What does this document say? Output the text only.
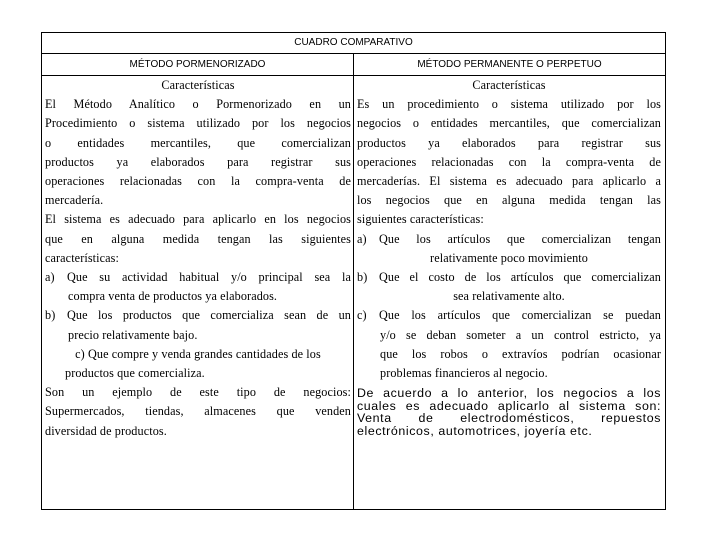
CUADRO COMPARATIVO
MÉTODO PORMENORIZADO	MÉTODO PERMANENTE O PERPETUO
Características
El Método Analítico o Pormenorizado en un
Procedimiento o sistema utilizado por los negocios
o entidades mercantiles, que comercializan
productos ya elaborados para registrar sus
operaciones relacionadas con la compra-venta de
mercadería.
El sistema es adecuado para aplicarlo en los negocios
que en alguna medida tengan las siguientes
características:
a)	Que su actividad habitual y/o principal sea la
compra venta de productos ya elaborados.
b) Que los productos que comercializa sean de un
precio relativamente bajo.
c) Que compre y venda grandes cantidades de los
productos que comercializa.
Son un ejemplo de este tipo de negocios:
Supermercados, tiendas, almacenes que venden
diversidad de productos.
Características
Es un procedimiento o sistema utilizado por los
negocios o entidades mercantiles, que comercializan
productos ya elaborados para registrar sus
operaciones relacionadas con la compra-venta de
mercaderías. El sistema es adecuado para aplicarlo a
los negocios que en alguna medida tengan las
siguientes características:
a)	Que los artículos que comercializan tengan
relativamente poco movimiento
b) Que el costo de los artículos que comercializan
sea relativamente alto.
c)	Que los artículos que comercializan se puedan
y/o se deban someter a un control estricto, ya
que los robos o extravíos podrían ocasionar
problemas financieros al negocio.
De acuerdo a lo anterior, los negocios a los
cuales es adecuado aplicarlo al sistema son:
Venta de electrodomésticos, repuestos
electrónicos, automotrices, joyería etc.
